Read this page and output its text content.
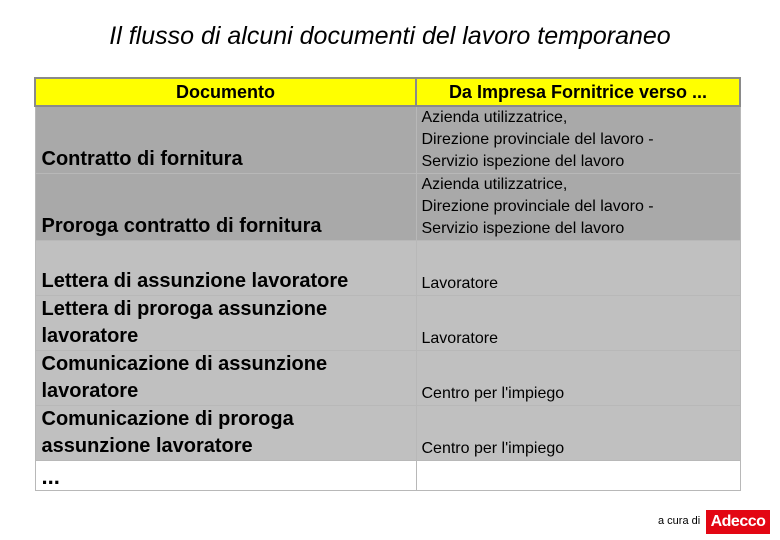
Il flusso di alcuni documenti del lavoro temporaneo
Documento	Da Impresa Fornitrice verso ...

Contratto di fornitura	Azienda utilizzatrice,
Direzione provinciale del lavoro -
Servizio ispezione del lavoro

Proroga contratto di fornitura	Azienda utilizzatrice,
Direzione provinciale del lavoro -
Servizio ispezione del lavoro

Lettera di assunzione lavoratore	Lavoratore

Lettera di proroga assunzione
lavoratore	Lavoratore

Comunicazione di assunzione
lavoratore	Centro per l'impiego

Comunicazione di proroga
assunzione lavoratore	Centro per l'impiego

...	

a cura di Adecco
